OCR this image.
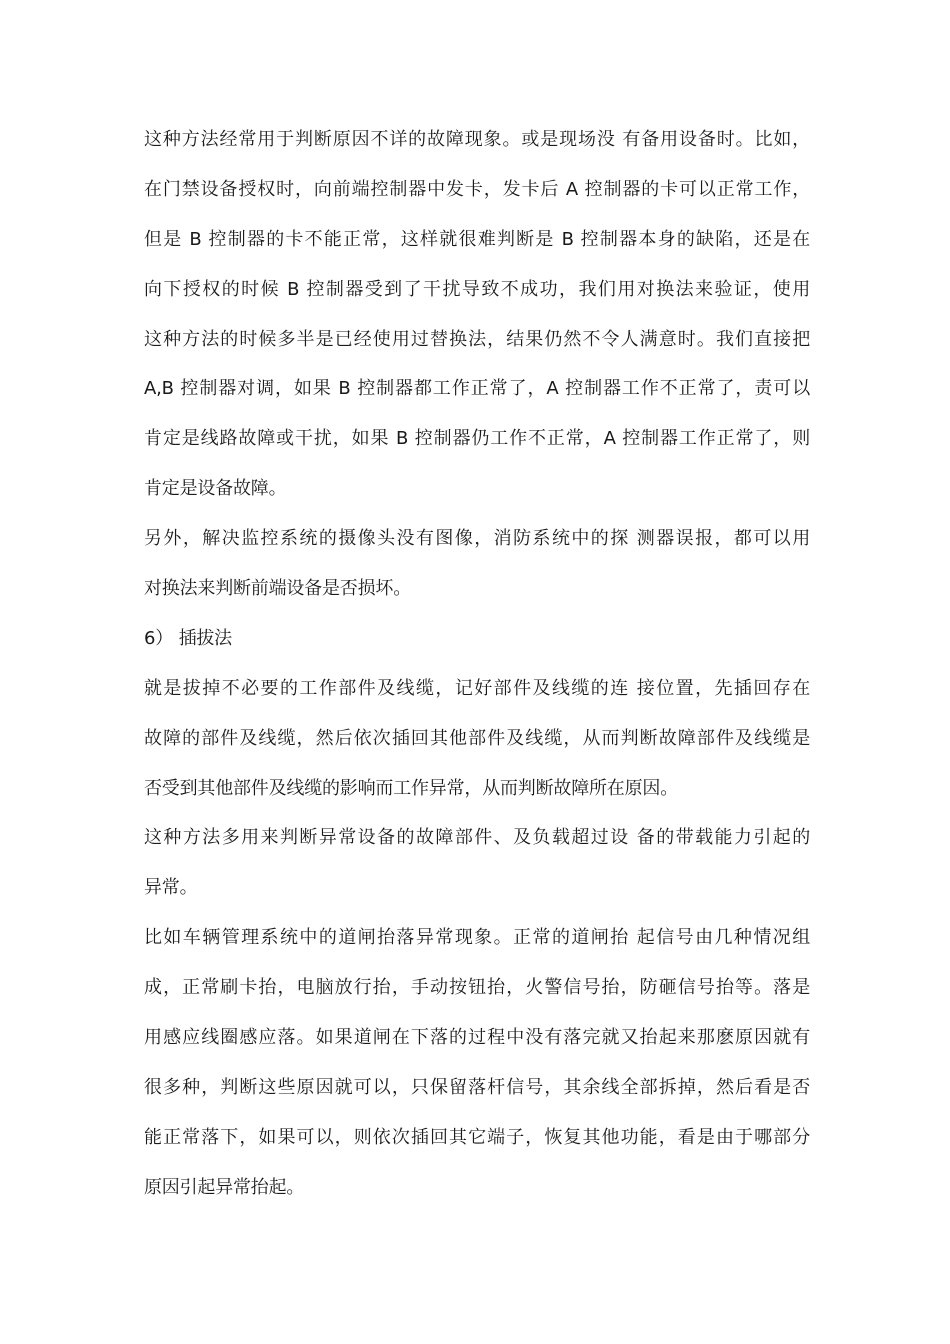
这种方法经常用于判断原因不详的故障现象。或是现场没 有备用设备时。比如，
在门禁设备授权时，向前端控制器中发卡，发卡后 A 控制器的卡可以正常工作，
但是 B 控制器的卡不能正常，这样就很难判断是 B 控制器本身的缺陷，还是在
向下授权的时候 B 控制器受到了干扰导致不成功，我们用对换法来验证，使用
这种方法的时候多半是已经使用过替换法，结果仍然不令人满意时。我们直接把
A,B 控制器对调，如果 B 控制器都工作正常了，A 控制器工作不正常了，责可以
肯定是线路故障或干扰，如果 B 控制器仍工作不正常，A 控制器工作正常了，则
肯定是设备故障。
另外，解决监控系统的摄像头没有图像，消防系统中的探 测器误报，都可以用
对换法来判断前端设备是否损坏。
6） 插拔法
就是拔掉不必要的工作部件及线缆，记好部件及线缆的连 接位置，先插回存在
故障的部件及线缆，然后依次插回其他部件及线缆，从而判断故障部件及线缆是
否受到其他部件及线缆的影响而工作异常，从而判断故障所在原因。
这种方法多用来判断异常设备的故障部件、及负载超过设 备的带载能力引起的
异常。
比如车辆管理系统中的道闸抬落异常现象。正常的道闸抬 起信号由几种情况组
成，正常刷卡抬，电脑放行抬，手动按钮抬，火警信号抬，防砸信号抬等。落是
用感应线圈感应落。如果道闸在下落的过程中没有落完就又抬起来那麽原因就有
很多种，判断这些原因就可以，只保留落杆信号，其余线全部拆掉，然后看是否
能正常落下，如果可以，则依次插回其它端子，恢复其他功能，看是由于哪部分
原因引起异常抬起。
